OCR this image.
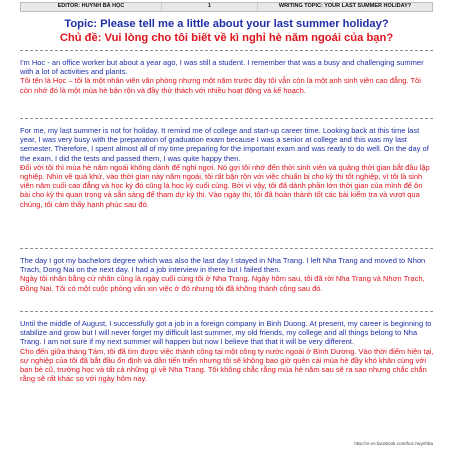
EDITOR: HUỲNH BÁ HỌC	1	WRITING TOPIC: YOUR LAST SUMMER HOLIDAY?
Topic: Please tell me a little about your last summer holiday?
Chủ đề: Vui lòng cho tôi biết về kì nghỉ hè năm ngoái của bạn?

I'm Hoc - an office worker but about a year ago, I was still a student. I remember that was a busy and challenging summer with a lot of activities and plants.

Tôi tên là Học – tôi là một nhân viên văn phòng nhưng một năm trước đây tôi vẫn còn là một anh sinh viên cao đẳng. Tôi còn nhớ đó là một mùa hè bận rộn và đầy thử thách với nhiều hoạt động và kế hoạch.

For me, my last summer is not for holiday. It remind me of college and start-up career time. Looking back at this time last year, I was very busy with the preparation of graduation exam because I was a senior at college and this was my last semester. Therefore, I spent almost all of my time preparing for the important exam and was ready to do well. On the day of the exam, I did the tests and passed them, I was quite happy then.

Đối với tôi thì mùa hè năm ngoái không dành để nghỉ ngơi. Nó gợi tôi nhớ đến thời sinh viên và quãng thời gian bắt đầu lập nghiệp. Nhìn về quá khứ, vào thời gian này năm ngoái, tôi rất bận rộn với việc chuẩn bị cho kỳ thi tốt nghiệp, vì tôi là sinh viên năm cuối cao đẳng và học kỳ đó cũng là học kỳ cuối cùng. Bởi vì vậy, tôi đã dành phần lớn thời gian của mình để ôn bài cho kỳ thi quan trọng và sẵn sàng để tham dự kỳ thi. Vào ngày thi, tôi đã hoàn thành tốt các bài kiểm tra và vượt qua chúng, tôi cảm thấy hạnh phúc sau đó.

The day I got my bachelors degree which was also the last day I stayed in Nha Trang. I left Nha Trang and moved to Nhon Trach, Dong Nai on the next day. I had a job interview in there but I failed then.

Ngày tôi nhận bằng cử nhân cũng là ngày cuối cùng tôi ở Nha Trang. Ngày hôm sau, tôi đã rời Nha Trang và Nhơn Trạch, Đồng Nai. Tôi có một cuộc phỏng vấn xin việc ở đó nhưng tôi đã không thành công sau đó.

Until the middle of August, I successfully got a job in a foreign company in Binh Duong. At present, my career is beginning to stabilize and grow but I will never forget my difficult last summer, my old friends, my college and all things belong to Nha Trang. I am not sure if my next summer will happen but now I believe that that it will be very different.

Cho đến giữa tháng Tám, tôi đã tìm được việc thành công tại một công ty nước ngoài ở Bình Dương. Vào thời điểm hiện tại, sự nghiệp của tôi đã bắt đầu ổn định và dần tiến triển nhưng tôi sẽ không bao giờ quên cái mùa hè đầy khó khăn cùng với bạn bè cũ, trường học và tất cả những gì về Nha Trang. Tôi không chắc rằng mùa hè năm sau sẽ ra sao nhưng chắc chắn rằng sẽ rất khác so với ngày hôm nay.

http://vi-vn.facebook.com/hoc.huynhba
